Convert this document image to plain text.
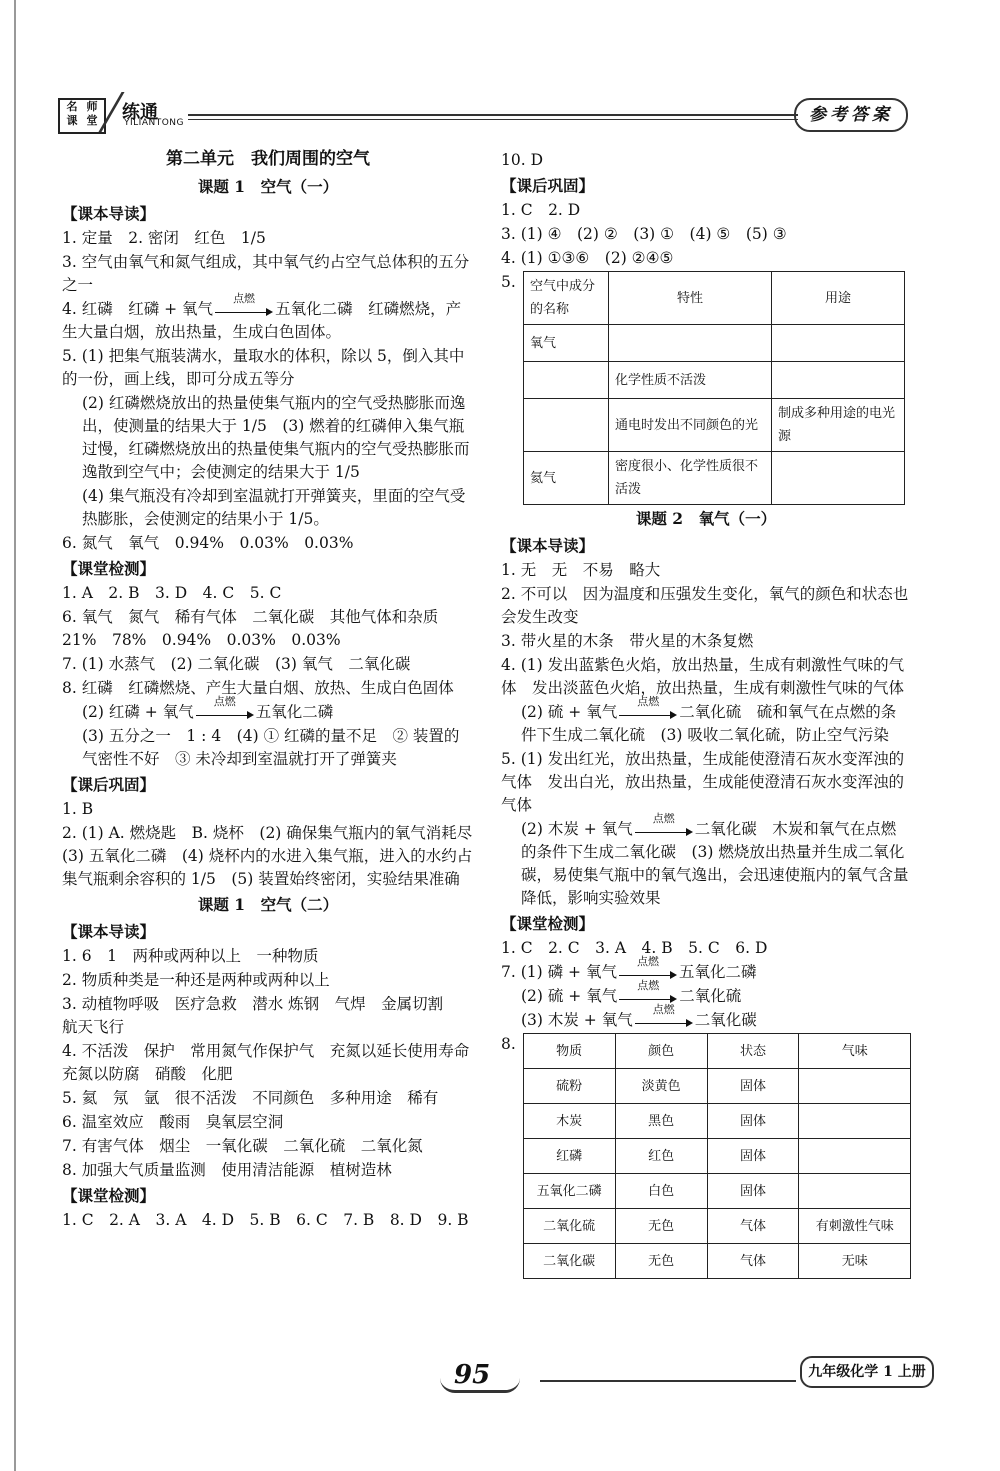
名 师
课 堂	练通
YILIANTONG	参考答案
第二单元　我们周围的空气
课题 1　空气（一）
【课本导读】
1. 定量　2. 密闭　红色　1/5
3. 空气由氧气和氮气组成，其中氧气约占空气总体积的五分之一
4. 红磷　红磷 + 氧气
点燃
五氧化二磷　红磷燃烧，产生大量白烟，放出热量，生成白色固体。
5. (1) 把集气瓶装满水，量取水的体积，除以 5，倒入其中的一份，画上线，即可分成五等分
(2) 红磷燃烧放出的热量使集气瓶内的空气受热膨胀而逸出，使测量的结果大于 1/5　(3) 燃着的红磷伸入集气瓶过慢，红磷燃烧放出的热量使集气瓶内的空气受热膨胀而逸散到空气中；会使测定的结果大于 1/5
(4) 集气瓶没有冷却到室温就打开弹簧夹，里面的空气受热膨胀，会使测定的结果小于 1/5。
6. 氮气　氧气　0.94%　0.03%　0.03%
【课堂检测】
1. A　2. B　3. D　4. C　5. C
6. 氧气　氮气　稀有气体　二氧化碳　其他气体和杂质　21%　78%　0.94%　0.03%　0.03%
7. (1) 水蒸气　(2) 二氧化碳　(3) 氧气　二氧化碳
8. 红磷　红磷燃烧、产生大量白烟、放热、生成白色固体
(2) 红磷 + 氧气
点燃
五氧化二磷
(3) 五分之一　1 : 4　(4) ① 红磷的量不足　② 装置的气密性不好　③ 未冷却到室温就打开了弹簧夹
【课后巩固】
1. B
2. (1) A. 燃烧匙　B. 烧杯　(2) 确保集气瓶内的氧气消耗尽　(3) 五氧化二磷　(4) 烧杯内的水进入集气瓶，进入的水约占集气瓶剩余容积的 1/5　(5) 装置始终密闭，实验结果准确
课题 1　空气（二）
【课本导读】
1. 6　1　两种或两种以上　一种物质
2. 物质种类是一种还是两种或两种以上
3. 动植物呼吸　医疗急救　潜水 炼钢　气焊　金属切割　航天飞行
4. 不活泼　保护　常用氮气作保护气　充氮以延长使用寿命　充氮以防腐　硝酸　化肥
5. 氦　氖　氩　很不活泼　不同颜色　多种用途　稀有
6. 温室效应　酸雨　臭氧层空洞
7. 有害气体　烟尘　一氧化碳　二氧化硫　二氧化氮
8. 加强大气质量监测　使用清洁能源　植树造林
【课堂检测】
1. C　2. A　3. A　4. D　5. B　6. C　7. B　8. D　9. B
10. D
【课后巩固】
1. C　2. D
3. (1) ④　(2) ②　(3) ①　(4) ⑤　(5) ③
4. (1) ①③⑥　(2) ②④⑤
5.	空气中成分的名称	特性	用途
氧气		
	化学性质不活泼	
	通电时发出不同颜色的光	制成多种用途的电光源
氦气	密度很小、化学性质很不活泼	
课题 2　氧气（一）
【课本导读】
1. 无　无　不易　略大
2. 不可以　因为温度和压强发生变化，氧气的颜色和状态也会发生改变
3. 带火星的木条　带火星的木条复燃
4. (1) 发出蓝紫色火焰，放出热量，生成有刺激性气味的气体　发出淡蓝色火焰，放出热量，生成有刺激性气味的气体
(2) 硫 + 氧气
点燃
二氧化硫　硫和氧气在点燃的条件下生成二氧化硫　(3) 吸收二氧化硫，防止空气污染
5. (1) 发出红光，放出热量，生成能使澄清石灰水变浑浊的气体　发出白光，放出热量，生成能使澄清石灰水变浑浊的气体
(2) 木炭 + 氧气
点燃
二氧化碳　木炭和氧气在点燃的条件下生成二氧化碳　(3) 燃烧放出热量并生成二氧化碳，易使集气瓶中的氧气逸出，会迅速使瓶内的氧气含量降低，影响实验效果
【课堂检测】
1. C　2. C　3. A　4. B　5. C　6. D
7. (1) 磷 + 氧气
点燃
五氧化二磷
(2) 硫 + 氧气
点燃
二氧化硫
(3) 木炭 + 氧气
点燃
二氧化碳
8.	物质	颜色	状态	气味
硫粉	淡黄色	固体	
木炭	黑色	固体	
红磷	红色	固体	
五氧化二磷	白色	固体	
二氧化硫	无色	气体	有刺激性气味
二氧化碳	无色	气体	无味
95	九年级化学 1 上册
